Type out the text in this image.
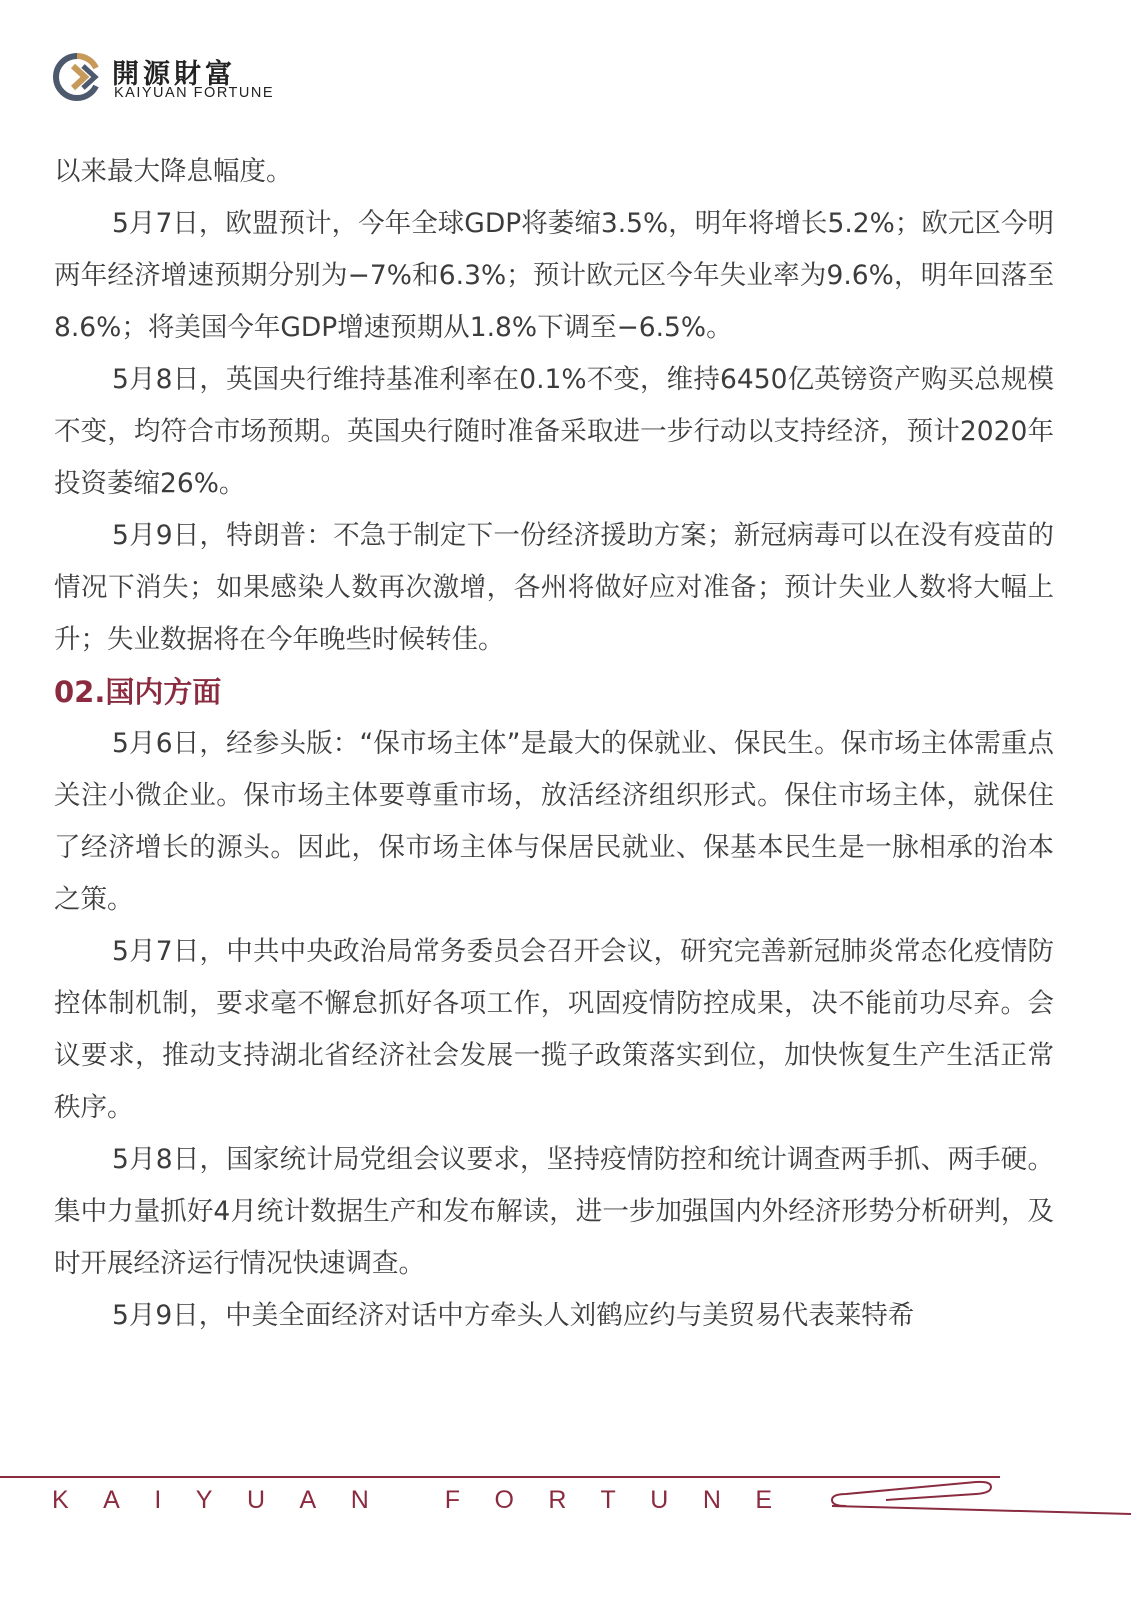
開源財富
KAIYUAN FORTUNE

以来最大降息幅度。

5月7日，欧盟预计，今年全球GDP将萎缩3.5%，明年将增长5.2%；欧元区今明两年经济增速预期分别为−7%和6.3%；预计欧元区今年失业率为9.6%，明年回落至8.6%；将美国今年GDP增速预期从1.8%下调至−6.5%。

5月8日，英国央行维持基准利率在0.1%不变，维持6450亿英镑资产购买总规模不变，均符合市场预期。英国央行随时准备采取进一步行动以支持经济，预计2020年投资萎缩26%。

5月9日，特朗普：不急于制定下一份经济援助方案；新冠病毒可以在没有疫苗的情况下消失；如果感染人数再次激增，各州将做好应对准备；预计失业人数将大幅上升；失业数据将在今年晚些时候转佳。

02.国内方面

5月6日，经参头版：“保市场主体”是最大的保就业、保民生。保市场主体需重点关注小微企业。保市场主体要尊重市场，放活经济组织形式。保住市场主体，就保住了经济增长的源头。因此，保市场主体与保居民就业、保基本民生是一脉相承的治本之策。

5月7日，中共中央政治局常务委员会召开会议，研究完善新冠肺炎常态化疫情防控体制机制，要求毫不懈怠抓好各项工作，巩固疫情防控成果，决不能前功尽弃。会议要求，推动支持湖北省经济社会发展一揽子政策落实到位，加快恢复生产生活正常秩序。

5月8日，国家统计局党组会议要求，坚持疫情防控和统计调查两手抓、两手硬。集中力量抓好4月统计数据生产和发布解读，进一步加强国内外经济形势分析研判，及时开展经济运行情况快速调查。

5月9日，中美全面经济对话中方牵头人刘鹤应约与美贸易代表莱特希

KAIYUAN FORTUNE
